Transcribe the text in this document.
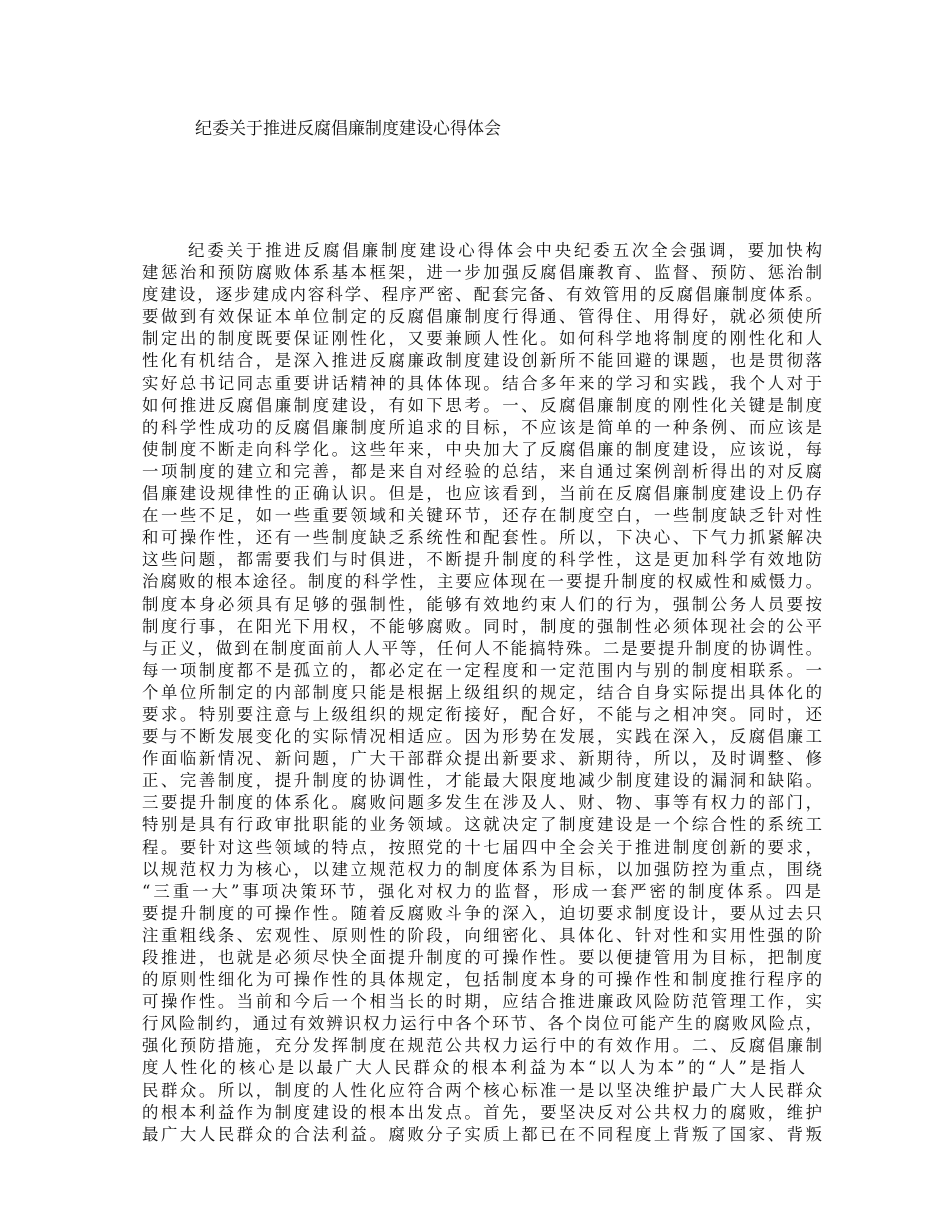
纪委关于推进反腐倡廉制度建设心得体会
纪委关于推进反腐倡廉制度建设心得体会中央纪委五次全会强调，要加快构
建惩治和预防腐败体系基本框架，进一步加强反腐倡廉教育、监督、预防、惩治制
度建设，逐步建成内容科学、程序严密、配套完备、有效管用的反腐倡廉制度体系。
要做到有效保证本单位制定的反腐倡廉制度行得通、管得住、用得好，就必须使所
制定出的制度既要保证刚性化，又要兼顾人性化。如何科学地将制度的刚性化和人
性化有机结合，是深入推进反腐廉政制度建设创新所不能回避的课题，也是贯彻落
实好总书记同志重要讲话精神的具体体现。结合多年来的学习和实践，我个人对于
如何推进反腐倡廉制度建设，有如下思考。一、反腐倡廉制度的刚性化关键是制度
的科学性成功的反腐倡廉制度所追求的目标，不应该是简单的一种条例、而应该是
使制度不断走向科学化。这些年来，中央加大了反腐倡廉的制度建设，应该说，每
一项制度的建立和完善，都是来自对经验的总结，来自通过案例剖析得出的对反腐
倡廉建设规律性的正确认识。但是，也应该看到，当前在反腐倡廉制度建设上仍存
在一些不足，如一些重要领域和关键环节，还存在制度空白，一些制度缺乏针对性
和可操作性，还有一些制度缺乏系统性和配套性。所以，下决心、下气力抓紧解决
这些问题，都需要我们与时俱进，不断提升制度的科学性，这是更加科学有效地防
治腐败的根本途径。制度的科学性，主要应体现在一要提升制度的权威性和威慑力。
制度本身必须具有足够的强制性，能够有效地约束人们的行为，强制公务人员要按
制度行事，在阳光下用权，不能够腐败。同时，制度的强制性必须体现社会的公平
与正义，做到在制度面前人人平等，任何人不能搞特殊。二是要提升制度的协调性。
每一项制度都不是孤立的，都必定在一定程度和一定范围内与别的制度相联系。一
个单位所制定的内部制度只能是根据上级组织的规定，结合自身实际提出具体化的
要求。特别要注意与上级组织的规定衔接好，配合好，不能与之相冲突。同时，还
要与不断发展变化的实际情况相适应。因为形势在发展，实践在深入，反腐倡廉工
作面临新情况、新问题，广大干部群众提出新要求、新期待，所以，及时调整、修
正、完善制度，提升制度的协调性，才能最大限度地减少制度建设的漏洞和缺陷。
三要提升制度的体系化。腐败问题多发生在涉及人、财、物、事等有权力的部门，
特别是具有行政审批职能的业务领域。这就决定了制度建设是一个综合性的系统工
程。要针对这些领域的特点，按照党的十七届四中全会关于推进制度创新的要求，
以规范权力为核心，以建立规范权力的制度体系为目标，以加强防控为重点，围绕
“三重一大”事项决策环节，强化对权力的监督，形成一套严密的制度体系。四是
要提升制度的可操作性。随着反腐败斗争的深入，迫切要求制度设计，要从过去只
注重粗线条、宏观性、原则性的阶段，向细密化、具体化、针对性和实用性强的阶
段推进，也就是必须尽快全面提升制度的可操作性。要以便捷管用为目标，把制度
的原则性细化为可操作性的具体规定，包括制度本身的可操作性和制度推行程序的
可操作性。当前和今后一个相当长的时期，应结合推进廉政风险防范管理工作，实
行风险制约，通过有效辨识权力运行中各个环节、各个岗位可能产生的腐败风险点，
强化预防措施，充分发挥制度在规范公共权力运行中的有效作用。二、反腐倡廉制
度人性化的核心是以最广大人民群众的根本利益为本“以人为本”的“人”是指人
民群众。所以，制度的人性化应符合两个核心标准一是以坚决维护最广大人民群众
的根本利益作为制度建设的根本出发点。首先，要坚决反对公共权力的腐败，维护
最广大人民群众的合法利益。腐败分子实质上都已在不同程度上背叛了国家、背叛
